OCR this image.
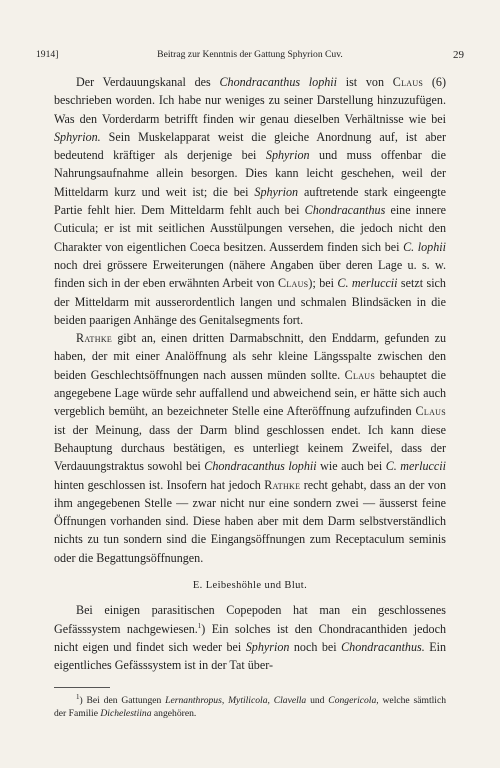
1914]	Beitrag zur Kenntnis der Gattung Sphyrion Cuv.	29

Der Verdauungskanal des Chondracanthus lophii ist von Claus (6) beschrieben worden. Ich habe nur weniges zu seiner Darstellung hinzuzufügen. Was den Vorderdarm betrifft finden wir genau dieselben Verhältnisse wie bei Sphyrion. Sein Muskelapparat weist die gleiche Anordnung auf, ist aber bedeutend kräftiger als derjenige bei Sphyrion und muss offenbar die Nahrungsaufnahme allein besorgen. Dies kann leicht geschehen, weil der Mitteldarm kurz und weit ist; die bei Sphyrion auftretende stark eingeengte Partie fehlt hier. Dem Mitteldarm fehlt auch bei Chondracanthus eine innere Cuticula; er ist mit seitlichen Ausstülpungen versehen, die jedoch nicht den Charakter von eigentlichen Coeca besitzen. Ausserdem finden sich bei C. lophii noch drei grössere Erweiterungen (nähere Angaben über deren Lage u. s. w. finden sich in der eben erwähnten Arbeit von Claus); bei C. merluccii setzt sich der Mitteldarm mit ausserordentlich langen und schmalen Blindsäcken in die beiden paarigen Anhänge des Genitalsegments fort.

Rathke gibt an, einen dritten Darmabschnitt, den Enddarm, gefunden zu haben, der mit einer Analöffnung als sehr kleine Längsspalte zwischen den beiden Geschlechtsöffnungen nach aussen münden sollte. Claus behauptet die angegebene Lage würde sehr auffallend und abweichend sein, er hätte sich auch vergeblich bemüht, an bezeichneter Stelle eine Afteröffnung aufzufinden Claus ist der Meinung, dass der Darm blind geschlossen endet. Ich kann diese Behauptung durchaus bestätigen, es unterliegt keinem Zweifel, dass der Verdauungstraktus sowohl bei Chondracanthus lophii wie auch bei C. merluccii hinten geschlossen ist. Insofern hat jedoch Rathke recht gehabt, dass an der von ihm angegebenen Stelle — zwar nicht nur eine sondern zwei — äusserst feine Öffnungen vorhanden sind. Diese haben aber mit dem Darm selbstverständlich nichts zu tun sondern sind die Eingangsöffnungen zum Receptaculum seminis oder die Begattungsöffnungen.

E. Leibeshöhle und Blut.

Bei einigen parasitischen Copepoden hat man ein geschlossenes Gefässsystem nachgewiesen.$^1$) Ein solches ist den Chondracanthiden jedoch nicht eigen und findet sich weder bei Sphyrion noch bei Chondracanthus. Ein eigentliches Gefässsystem ist in der Tat über-

$^1$) Bei den Gattungen Lernanthropus, Mytilicola, Clavella und Congericola, welche sämtlich der Familie Dichelestiina angehören.
